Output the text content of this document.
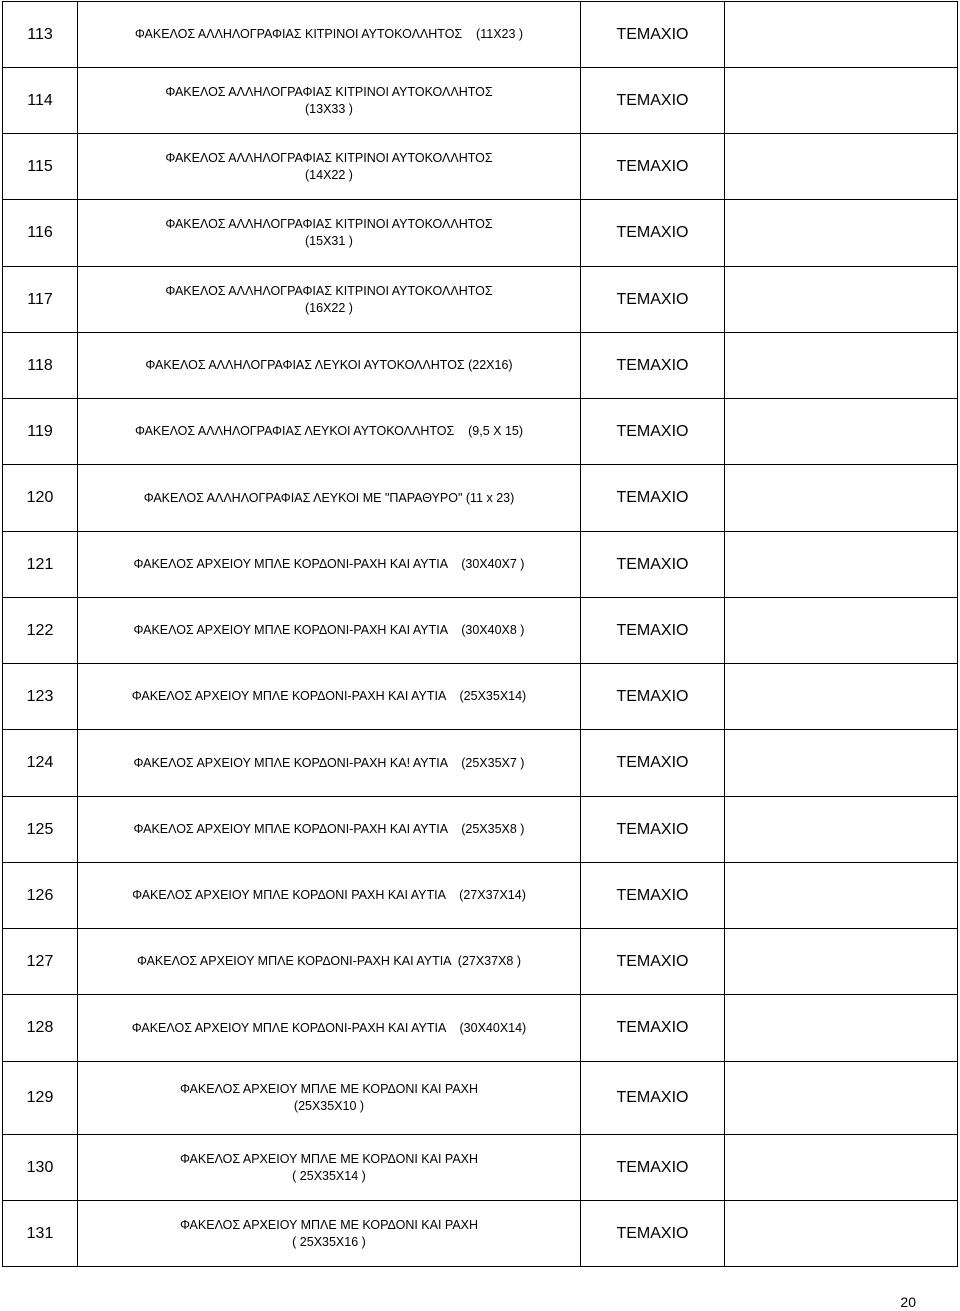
113	ΦΑΚΕΛΟΣ ΑΛΛΗΛΟΓΡΑΦΙΑΣ ΚΙΤΡΙΝΟΙ ΑΥΤΟΚΟΛΛΗΤΟΣ    (11Χ23 )	ΤΕΜΑΧΙΟ	
114	ΦΑΚΕΛΟΣ ΑΛΛΗΛΟΓΡΑΦΙΑΣ ΚΙΤΡΙΝΟΙ ΑΥΤΟΚΟΛΛΗΤΟΣ
(13Χ33 )	ΤΕΜΑΧΙΟ	
115	ΦΑΚΕΛΟΣ ΑΛΛΗΛΟΓΡΑΦΙΑΣ ΚΙΤΡΙΝΟΙ ΑΥΤΟΚΟΛΛΗΤΟΣ
(14Χ22 )	ΤΕΜΑΧΙΟ	
116	ΦΑΚΕΛΟΣ ΑΛΛΗΛΟΓΡΑΦΙΑΣ ΚΙΤΡΙΝΟΙ ΑΥΤΟΚΟΛΛΗΤΟΣ
(15Χ31 )	ΤΕΜΑΧΙΟ	
117	ΦΑΚΕΛΟΣ ΑΛΛΗΛΟΓΡΑΦΙΑΣ ΚΙΤΡΙΝΟΙ ΑΥΤΟΚΟΛΛΗΤΟΣ
(16Χ22 )	ΤΕΜΑΧΙΟ	
118	ΦΑΚΕΛΟΣ ΑΛΛΗΛΟΓΡΑΦΙΑΣ ΛΕΥΚΟΙ ΑΥΤΟΚΟΛΛΗΤΟΣ (22Χ16)	ΤΕΜΑΧΙΟ	
119	ΦΑΚΕΛΟΣ ΑΛΛΗΛΟΓΡΑΦΙΑΣ ΛΕΥΚΟΙ ΑΥΤΟΚΟΛΛΗΤΟΣ    (9,5 Χ 15)	ΤΕΜΑΧΙΟ	
120	ΦΑΚΕΛΟΣ ΑΛΛΗΛΟΓΡΑΦΙΑΣ ΛΕΥΚΟΙ ΜΕ "ΠΑΡΑΘΥΡΟ" (11 x 23)	ΤΕΜΑΧΙΟ	
121	ΦΑΚΕΛΟΣ ΑΡΧΕΙΟΥ ΜΠΛΕ ΚΟΡΔΟΝΙ-ΡΑΧΗ ΚΑΙ ΑΥΤΙΑ    (30Χ40Χ7 )	ΤΕΜΑΧΙΟ	
122	ΦΑΚΕΛΟΣ ΑΡΧΕΙΟΥ ΜΠΛΕ ΚΟΡΔΟΝΙ-ΡΑΧΗ ΚΑΙ ΑΥΤΙΑ    (30Χ40Χ8 )	ΤΕΜΑΧΙΟ	
123	ΦΑΚΕΛΟΣ ΑΡΧΕΙΟΥ ΜΠΛΕ ΚΟΡΔΟΝΙ-ΡΑΧΗ ΚΑΙ ΑΥΤΙΑ    (25Χ35Χ14)	ΤΕΜΑΧΙΟ	
124	ΦΑΚΕΛΟΣ ΑΡΧΕΙΟΥ ΜΠΛΕ ΚΟΡΔΟΝΙ-ΡΑΧΗ ΚΑ! ΑΥΤΙΑ    (25Χ35Χ7 )	ΤΕΜΑΧΙΟ	
125	ΦΑΚΕΛΟΣ ΑΡΧΕΙΟΥ ΜΠΛΕ ΚΟΡΔΟΝΙ-ΡΑΧΗ ΚΑΙ ΑΥΤΙΑ    (25Χ35Χ8 )	ΤΕΜΑΧΙΟ	
126	ΦΑΚΕΛΟΣ ΑΡΧΕΙΟΥ ΜΠΛΕ ΚΟΡΔΟΝΙ ΡΑΧΗ ΚΑΙ ΑΥΤΙΑ    (27Χ37Χ14)	ΤΕΜΑΧΙΟ	
127	ΦΑΚΕΛΟΣ ΑΡΧΕΙΟΥ ΜΠΛΕ ΚΟΡΔΟΝΙ-ΡΑΧΗ ΚΑΙ ΑΥΤΙΑ  (27Χ37Χ8 )	ΤΕΜΑΧΙΟ	
128	ΦΑΚΕΛΟΣ ΑΡΧΕΙΟΥ ΜΠΛΕ ΚΟΡΔΟΝΙ-ΡΑΧΗ ΚΑΙ ΑΥΤΙΑ    (30Χ40Χ14)	ΤΕΜΑΧΙΟ	
129	ΦΑΚΕΛΟΣ ΑΡΧΕΙΟΥ ΜΠΛΕ ΜΕ ΚΟΡΔΟΝΙ ΚΑΙ ΡΑΧΗ
(25Χ35Χ10 )	ΤΕΜΑΧΙΟ	
130	ΦΑΚΕΛΟΣ ΑΡΧΕΙΟΥ ΜΠΛΕ ΜΕ ΚΟΡΔΟΝΙ ΚΑΙ ΡΑΧΗ
( 25Χ35Χ14 )	ΤΕΜΑΧΙΟ	
131	ΦΑΚΕΛΟΣ ΑΡΧΕΙΟΥ ΜΠΛΕ ΜΕ ΚΟΡΔΟΝΙ ΚΑΙ ΡΑΧΗ
( 25Χ35Χ16 )	ΤΕΜΑΧΙΟ	
20
